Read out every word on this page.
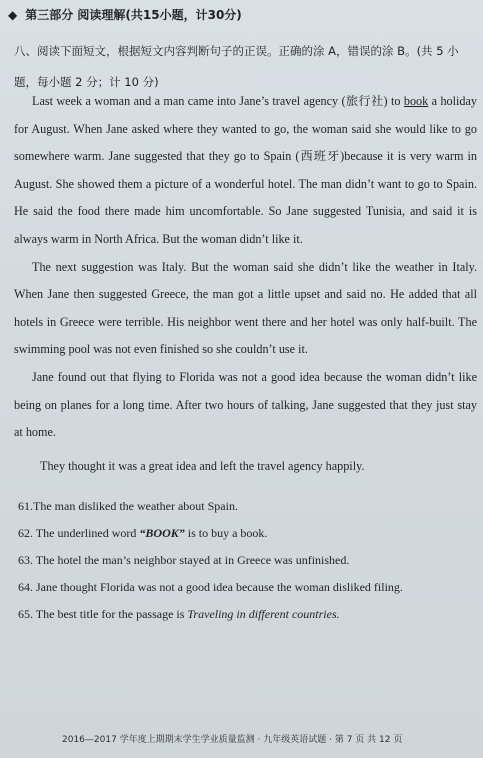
◆ 第三部分 阅读理解(共15小题，计30分)
八、阅读下面短文，根据短文内容判断句子的正误。正确的涂 A，错误的涂 B。(共 5 小题，每小题 2 分；计 10 分)

Last week a woman and a man came into Jane’s travel agency (旅行社) to book a holiday for August. When Jane asked where they wanted to go, the woman said she would like to go somewhere warm. Jane suggested that they go to Spain (西班牙)because it is very warm in August. She showed them a picture of a wonderful hotel. The man didn’t want to go to Spain. He said the food there made him uncomfortable. So Jane suggested Tunisia, and said it is always warm in North Africa. But the woman didn’t like it.

The next suggestion was Italy. But the woman said she didn’t like the weather in Italy. When Jane then suggested Greece, the man got a little upset and said no. He added that all hotels in Greece were terrible. His neighbor went there and her hotel was only half-built. The swimming pool was not even finished so she couldn’t use it.

Jane found out that flying to Florida was not a good idea because the woman didn’t like being on planes for a long time. After two hours of talking, Jane suggested that they just stay at home.

They thought it was a great idea and left the travel agency happily.

61.The man disliked the weather about Spain.
62. The underlined word “BOOK” is to buy a book.
63. The hotel the man’s neighbor stayed at in Greece was unfinished.
64. Jane thought Florida was not a good idea because the woman disliked filing.
65. The best title for the passage is Traveling in different countries.
2016—2017 学年度上期期末学生学业质量监测 · 九年级英语试题 · 第 7 页 共 12 页
